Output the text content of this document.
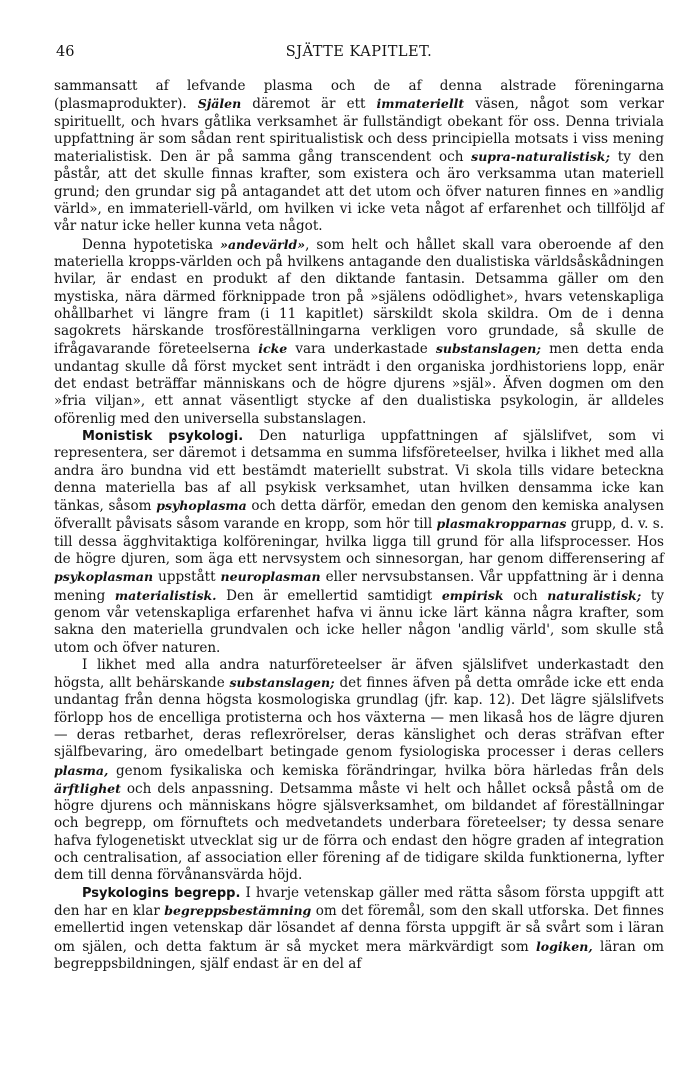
46	SJÄTTE KAPITLET.

sammansatt af lefvande plasma och de af denna alstrade föreningarna (plasmaprodukter). Själen däremot är ett immateriellt väsen, något som verkar spirituellt, och hvars gåtlika verksamhet är fullständigt obekant för oss. Denna triviala uppfattning är som sådan rent spiritualistisk och dess principiella motsats i viss mening materialistisk. Den är på samma gång transcendent och supra-naturalistisk; ty den påstår, att det skulle finnas krafter, som existera och äro verksamma utan materiell grund; den grundar sig på antagandet att det utom och öfver naturen finnes en »andlig värld», en immateriell-värld, om hvilken vi icke veta något af erfarenhet och tillföljd af vår natur icke heller kunna veta något.

Denna hypotetiska »andevärld», som helt och hållet skall vara oberoende af den materiella kropps-världen och på hvilkens antagande den dualistiska världsåskådningen hvilar, är endast en produkt af den diktande fantasin. Detsamma gäller om den mystiska, nära därmed förknippade tron på »själens odödlighet», hvars vetenskapliga ohållbarhet vi längre fram (i 11 kapitlet) särskildt skola skildra. Om de i denna sagokrets härskande trosföreställningarna verkligen voro grundade, så skulle de ifrågavarande företeelserna icke vara underkastade substanslagen; men detta enda undantag skulle då först mycket sent inträdt i den organiska jordhistoriens lopp, enär det endast beträffar människans och de högre djurens »själ». Äfven dogmen om den »fria viljan», ett annat väsentligt stycke af den dualistiska psykologin, är alldeles oförenlig med den universella substanslagen.

Monistisk psykologi. Den naturliga uppfattningen af själslifvet, som vi representera, ser däremot i detsamma en summa lifsföreteelser, hvilka i likhet med alla andra äro bundna vid ett bestämdt materiellt substrat. Vi skola tills vidare beteckna denna materiella bas af all psykisk verksamhet, utan hvilken densamma icke kan tänkas, såsom psyhoplasma och detta därför, emedan den genom den kemiska analysen öfverallt påvisats såsom varande en kropp, som hör till plasmakropparnas grupp, d. v. s. till dessa ägghvitaktiga kolföreningar, hvilka ligga till grund för alla lifsprocesser. Hos de högre djuren, som äga ett nervsystem och sinnesorgan, har genom differensering af psykoplasman uppstått neuroplasman eller nervsubstansen. Vår uppfattning är i denna mening materialistisk. Den är emellertid samtidigt empirisk och naturalistisk; ty genom vår vetenskapliga erfarenhet hafva vi ännu icke lärt känna några krafter, som sakna den materiella grundvalen och icke heller någon 'andlig värld', som skulle stå utom och öfver naturen.

I likhet med alla andra naturföreteelser är äfven själslifvet underkastadt den högsta, allt behärskande substanslagen; det finnes äfven på detta område icke ett enda undantag från denna högsta kosmologiska grundlag (jfr. kap. 12). Det lägre själslifvets förlopp hos de encelliga protisterna och hos växterna — men likaså hos de lägre djuren — deras retbarhet, deras reflexrörelser, deras känslighet och deras sträfvan efter själfbevaring, äro omedelbart betingade genom fysiologiska processer i deras cellers plasma, genom fysikaliska och kemiska förändringar, hvilka böra härledas från dels ärftlighet och dels anpassning. Detsamma måste vi helt och hållet också påstå om de högre djurens och människans högre själsverksamhet, om bildandet af föreställningar och begrepp, om förnuftets och medvetandets underbara företeelser; ty dessa senare hafva fylogenetiskt utvecklat sig ur de förra och endast den högre graden af integration och centralisation, af association eller förening af de tidigare skilda funktionerna, lyfter dem till denna förvånansvärda höjd.

Psykologins begrepp. I hvarje vetenskap gäller med rätta såsom första uppgift att den har en klar begreppsbestämning om det föremål, som den skall utforska. Det finnes emellertid ingen vetenskap där lösandet af denna första uppgift är så svårt som i läran om själen, och detta faktum är så mycket mera märkvärdigt som logiken, läran om begreppsbildningen, själf endast är en del af
